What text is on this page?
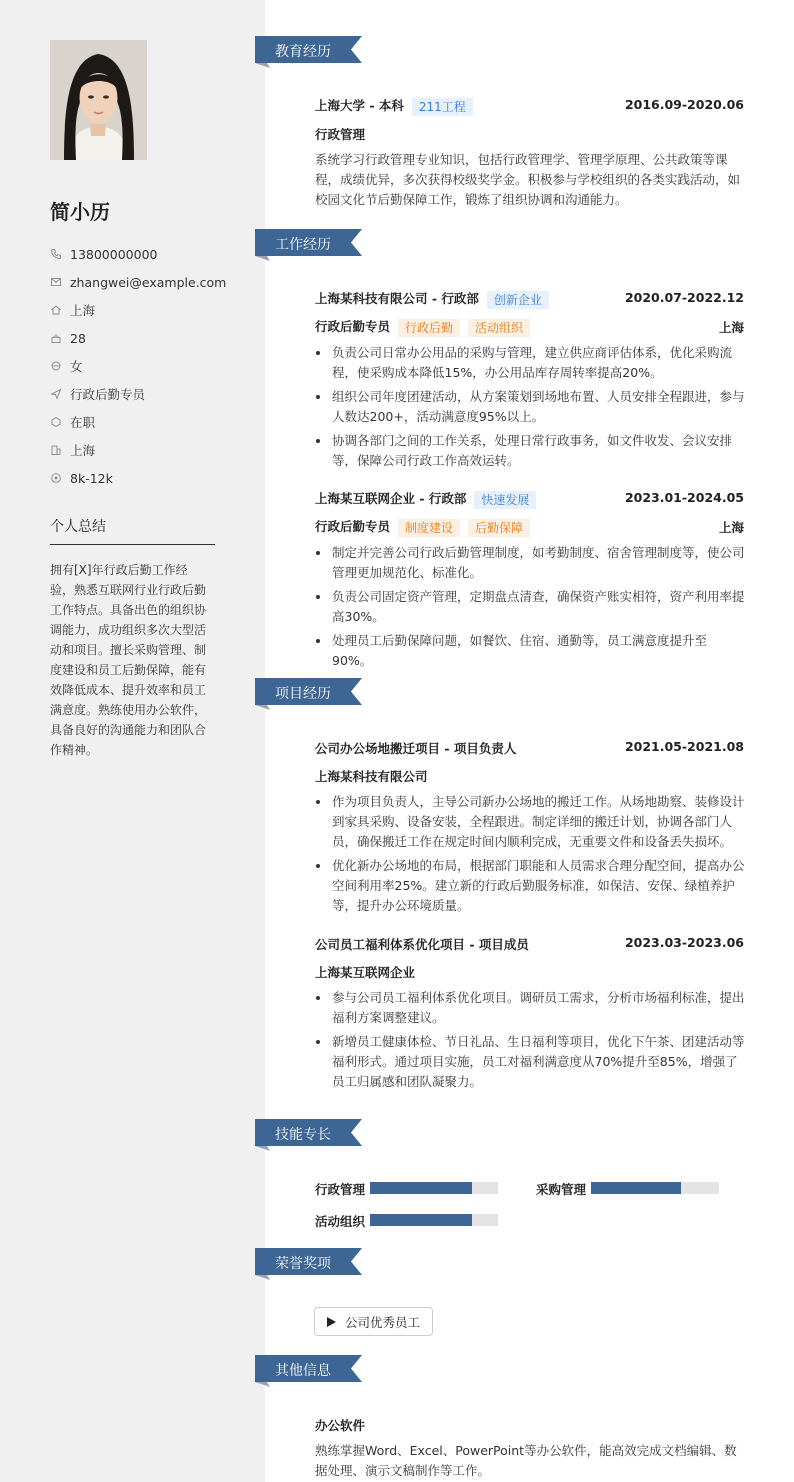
简小历
13800000000
zhangwei@example.com
上海
28
女
行政后勤专员
在职
上海
8k-12k
个人总结
拥有[X]年行政后勤工作经验，熟悉互联网行业行政后勤工作特点。具备出色的组织协调能力，成功组织多次大型活动和项目。擅长采购管理、制度建设和员工后勤保障，能有效降低成本、提升效率和员工满意度。熟练使用办公软件，具备良好的沟通能力和团队合作精神。
教育经历
上海大学 - 本科 211工程	2016.09-2020.06
行政管理
系统学习行政管理专业知识，包括行政管理学、管理学原理、公共政策等课程，成绩优异，多次获得校级奖学金。积极参与学校组织的各类实践活动，如校园文化节后勤保障工作，锻炼了组织协调和沟通能力。
工作经历
上海某科技有限公司 - 行政部 创新企业	2020.07-2022.12
行政后勤专员 行政后勤 活动组织	上海
负责公司日常办公用品的采购与管理，建立供应商评估体系，优化采购流程，使采购成本降低15%，办公用品库存周转率提高20%。
组织公司年度团建活动，从方案策划到场地布置、人员安排全程跟进，参与人数达200+，活动满意度95%以上。
协调各部门之间的工作关系，处理日常行政事务，如文件收发、会议安排等，保障公司行政工作高效运转。
上海某互联网企业 - 行政部 快速发展	2023.01-2024.05
行政后勤专员 制度建设 后勤保障	上海
制定并完善公司行政后勤管理制度，如考勤制度、宿舍管理制度等，使公司管理更加规范化、标准化。
负责公司固定资产管理，定期盘点清查，确保资产账实相符，资产利用率提高30%。
处理员工后勤保障问题，如餐饮、住宿、通勤等，员工满意度提升至90%。
项目经历
公司办公场地搬迁项目 - 项目负责人	2021.05-2021.08
上海某科技有限公司
作为项目负责人，主导公司新办公场地的搬迁工作。从场地勘察、装修设计到家具采购、设备安装，全程跟进。制定详细的搬迁计划，协调各部门人员，确保搬迁工作在规定时间内顺利完成，无重要文件和设备丢失损坏。
优化新办公场地的布局，根据部门职能和人员需求合理分配空间，提高办公空间利用率25%。建立新的行政后勤服务标准，如保洁、安保、绿植养护等，提升办公环境质量。
公司员工福利体系优化项目 - 项目成员	2023.03-2023.06
上海某互联网企业
参与公司员工福利体系优化项目。调研员工需求，分析市场福利标准，提出福利方案调整建议。
新增员工健康体检、节日礼品、生日福利等项目，优化下午茶、团建活动等福利形式。通过项目实施，员工对福利满意度从70%提升至85%，增强了员工归属感和团队凝聚力。
技能专长
行政管理	采购管理
活动组织
荣誉奖项
公司优秀员工
其他信息
办公软件
熟练掌握Word、Excel、PowerPoint等办公软件，能高效完成文档编辑、数据处理、演示文稿制作等工作。
